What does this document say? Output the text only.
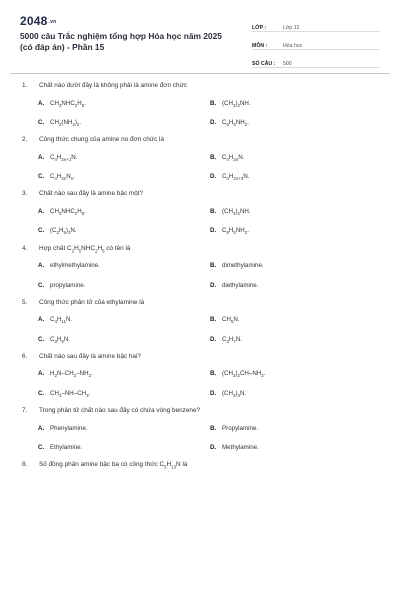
2048.vn
5000 câu Trắc nghiệm tổng hợp Hóa học năm 2025 (có đáp án) - Phần 15
LỚP :	Lớp 12
MÔN :	Hóa học
SỐ CÂU :	500
1.	Chất nào dưới đây là không phải là amine đơn chức
A. $CH_3NHC_2H_5$.	B. $(CH_3)_2NH$.
C. $CH_2(NH_2)_2$.	D. $C_6H_5NH_2$.
2.	Công thức chung của amine no đơn chức là
A. $C_nH_{2n+1}N$.	B. $C_nH_{2n}N$.
C. $C_nH_{2n}N_n$.	D. $C_nH_{2n+3}N$.
3.	Chất nào sau đây là amine bậc một?
A. $CH_3NHC_2H_5$.	B. $(CH_3)_2NH$.
C. $(C_2H_5)_3N$.	D. $C_6H_5NH_2$.
4.	Hợp chất $C_2H_5NHC_2H_5$ có tên là
A. ethylmethylamine.	B. dimethylamine.
C. propylamine.	D. diethylamine.
5.	Công thức phân tử của ethylamine là
A. $C_4H_{11}N$.	B. $CH_5N$.
C. $C_3H_9N$.	D. $C_2H_7N$.
6.	Chất nào sau đây là amine bậc hai?
A. $H_2N-CH_2-NH_2$.	B. $(CH_3)_2CH-NH_2$.
C. $CH_3-NH-CH_3$.	D. $(CH_3)_3N$.
7.	Trong phân tử chất nào sau đây có chứa vòng benzene?
A. Phenylamine.	B. Propylamine.
C. Ethylamine.	D. Methylamine.
8.	Số đồng phân amine bậc ba có công thức $C_5H_{13}N$ là
